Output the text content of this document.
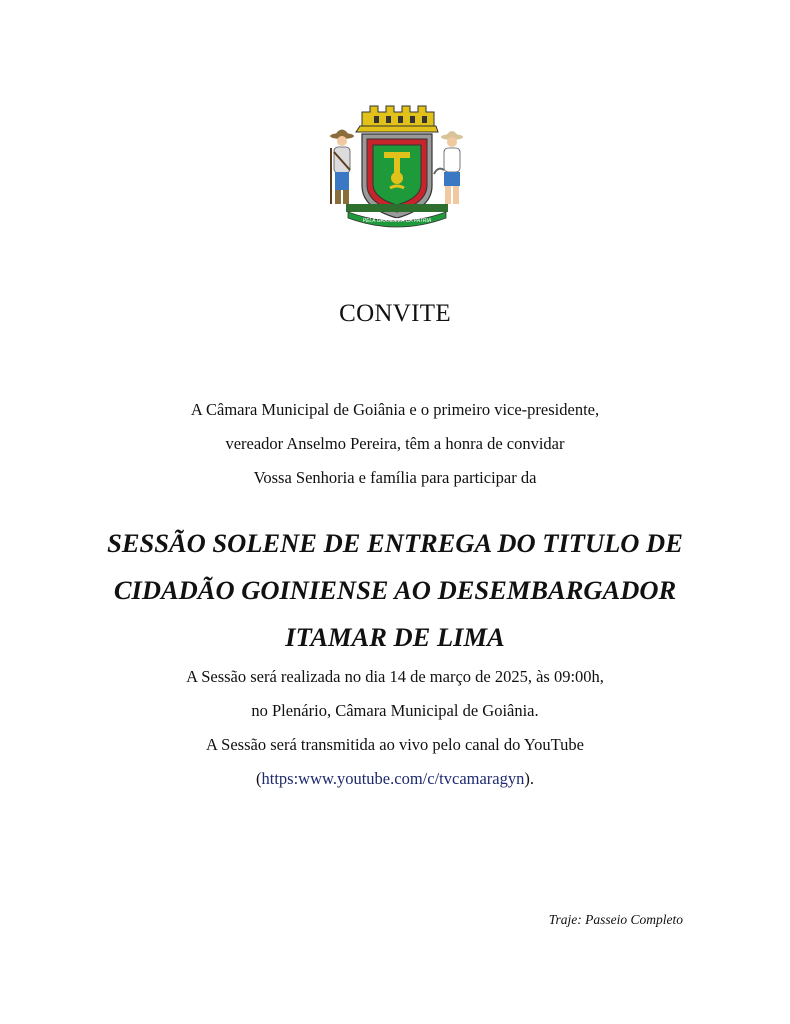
PELA GRANDEZA DA PATRIA
CONVITE
A Câmara Municipal de Goiânia e o primeiro vice-presidente,
vereador Anselmo Pereira, têm a honra de convidar
Vossa Senhoria e família para participar da
SESSÃO SOLENE DE ENTREGA DO TITULO DE
CIDADÃO GOINIENSE AO DESEMBARGADOR
ITAMAR DE LIMA
A Sessão será realizada no dia 14 de março de 2025, às 09:00h,
no Plenário, Câmara Municipal de Goiânia.
A Sessão será transmitida ao vivo pelo canal do YouTube
(https:www.youtube.com/c/tvcamaragyn).
Traje: Passeio Completo
